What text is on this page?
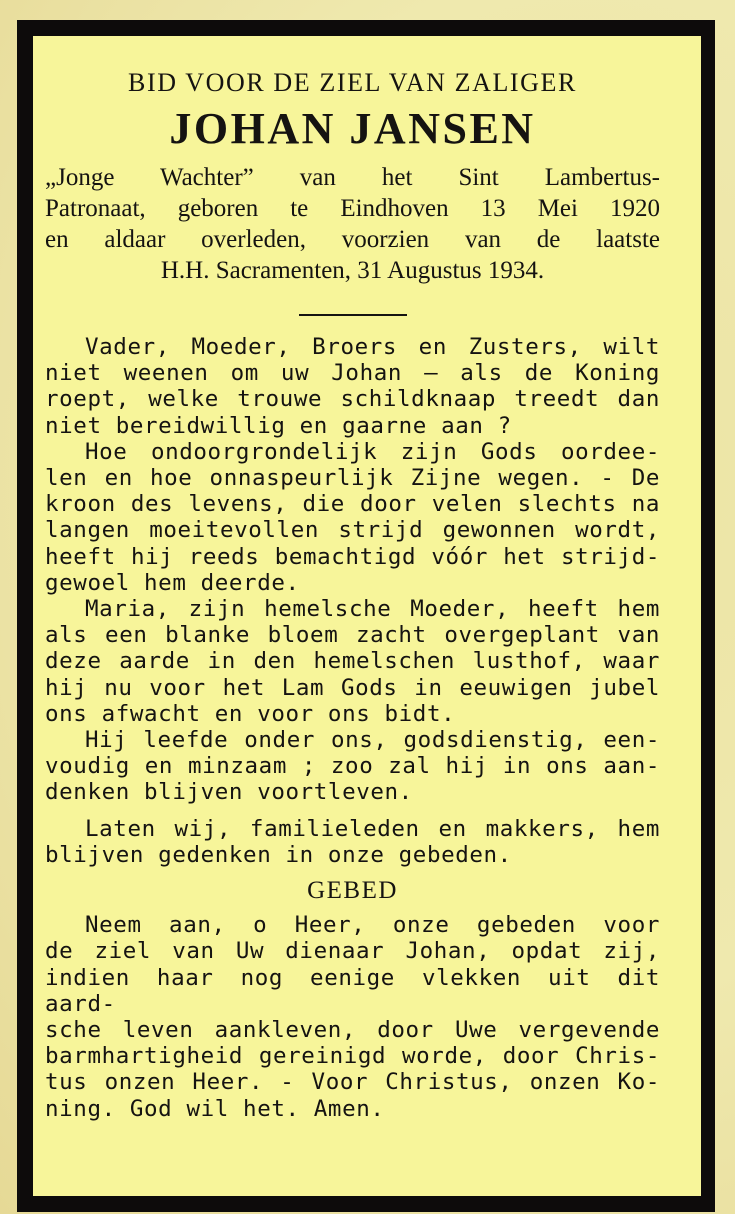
BID VOOR DE ZIEL VAN ZALIGER
JOHAN JANSEN
„Jonge Wachter” van het Sint Lambertus-
Patronaat, geboren te Eindhoven 13 Mei 1920
en aldaar overleden, voorzien van de laatste
H.H. Sacramenten, 31 Augustus 1934.
Vader, Moeder, Broers en Zusters, wilt
niet weenen om uw Johan — als de Koning
roept, welke trouwe schildknaap treedt dan
niet bereidwillig en gaarne aan ?
Hoe ondoorgrondelijk zijn Gods oordee-
len en hoe onnaspeurlijk Zijne wegen. - De
kroon des levens, die door velen slechts na
langen moeitevollen strijd gewonnen wordt,
heeft hij reeds bemachtigd vóór het strijd-
gewoel hem deerde.
Maria, zijn hemelsche Moeder, heeft hem
als een blanke bloem zacht overgeplant van
deze aarde in den hemelschen lusthof, waar
hij nu voor het Lam Gods in eeuwigen jubel
ons afwacht en voor ons bidt.
Hij leefde onder ons, godsdienstig, een-
voudig en minzaam ; zoo zal hij in ons aan-
denken blijven voortleven.
Laten wij, familieleden en makkers, hem
blijven gedenken in onze gebeden.
GEBED
Neem aan, o Heer, onze gebeden voor
de ziel van Uw dienaar Johan, opdat zij,
indien haar nog eenige vlekken uit dit aard-
sche leven aankleven, door Uwe vergevende
barmhartigheid gereinigd worde, door Chris-
tus onzen Heer. - Voor Christus, onzen Ko-
ning. God wil het. Amen.
